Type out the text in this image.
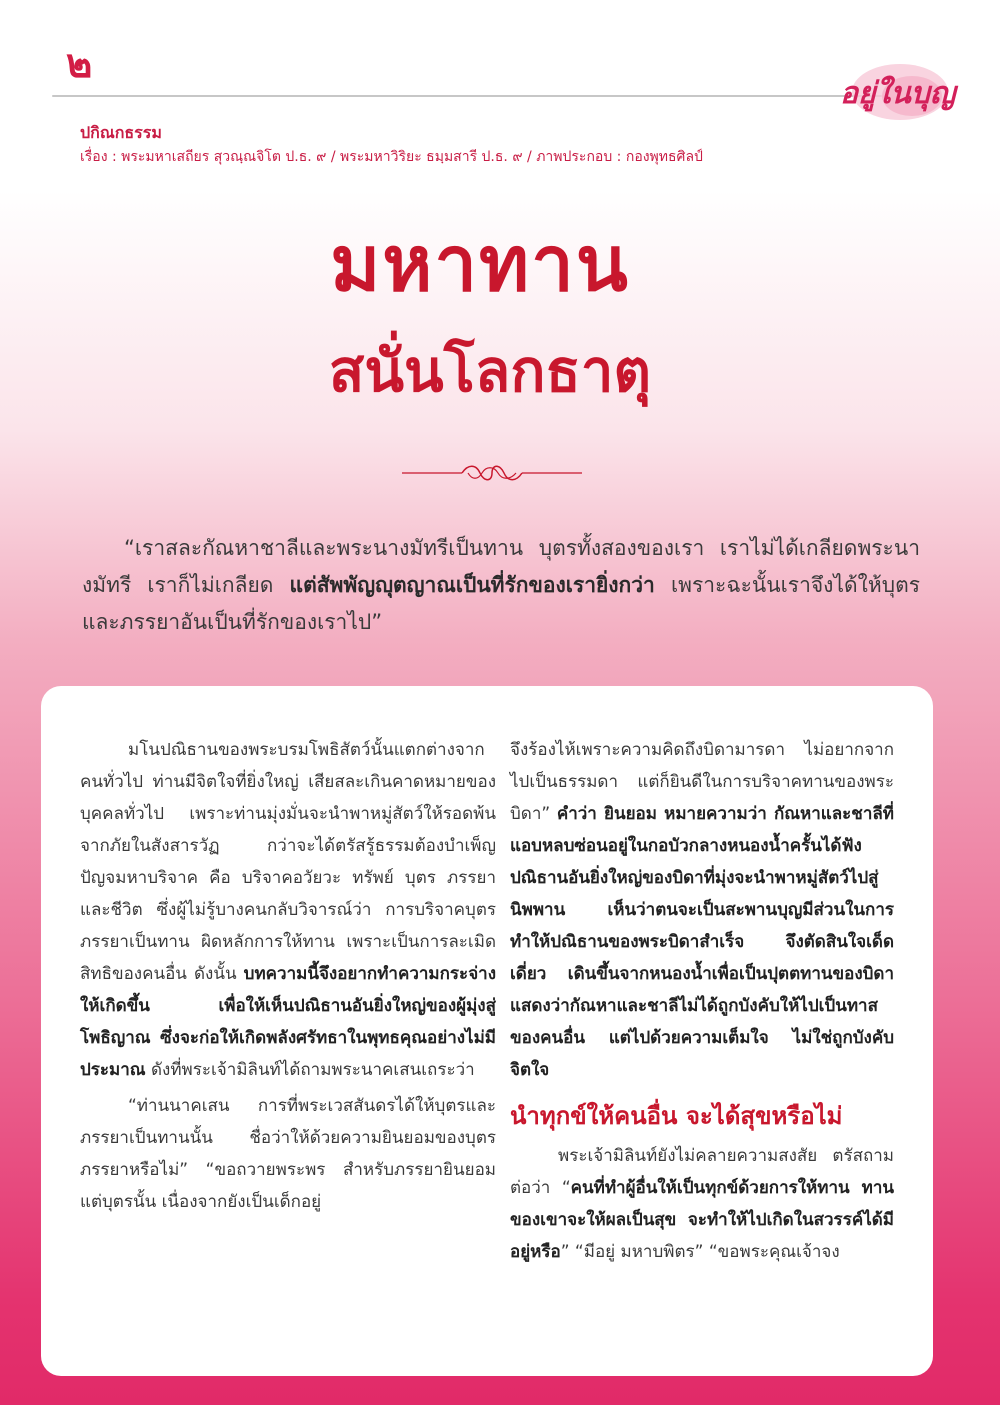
๒
อยู่ในบุญ
ปกิณกธรรม
เรื่อง : พระมหาเสถียร สุวณฺณจิโต ป.ธ. ๙ / พระมหาวิริยะ ธมฺมสารี ป.ธ. ๙ / ภาพประกอบ : กองพุทธศิลป์
มหาทาน
สนั่นโลกธาตุ
“เราสละกัณหาชาลีและพระนางมัทรีเป็นทาน บุตรทั้งสองของเรา เราไม่ได้เกลียดพระนางมัทรี เราก็ไม่เกลียด แต่สัพพัญญุตญาณเป็นที่รักของเรายิ่งกว่า เพราะฉะนั้นเราจึงได้ให้บุตรและภรรยาอันเป็นที่รักของเราไป”

มโนปณิธานของพระบรมโพธิสัตว์นั้นแตกต่างจากคนทั่วไป ท่านมีจิตใจที่ยิ่งใหญ่ เสียสละเกินคาดหมายของบุคคลทั่วไป เพราะท่านมุ่งมั่นจะนำพาหมู่สัตว์ให้รอดพ้นจากภัยในสังสารวัฏ กว่าจะได้ตรัสรู้ธรรมต้องบำเพ็ญปัญจมหาบริจาค คือ บริจาคอวัยวะ ทรัพย์ บุตร ภรรยา และชีวิต ซึ่งผู้ไม่รู้บางคนกลับวิจารณ์ว่า การบริจาคบุตรภรรยาเป็นทาน ผิดหลักการให้ทาน เพราะเป็นการละเมิดสิทธิของคนอื่น ดังนั้น บทความนี้จึงอยากทำความกระจ่างให้เกิดขึ้น เพื่อให้เห็นปณิธานอันยิ่งใหญ่ของผู้มุ่งสู่โพธิญาณ ซึ่งจะก่อให้เกิดพลังศรัทธาในพุทธคุณอย่างไม่มีประมาณ ดังที่พระเจ้ามิลินท์ได้ถามพระนาคเสนเถระว่า

“ท่านนาคเสน การที่พระเวสสันดรได้ให้บุตรและภรรยาเป็นทานนั้น ชื่อว่าให้ด้วยความยินยอมของบุตรภรรยาหรือไม่” “ขอถวายพระพร สำหรับภรรยายินยอม แต่บุตรนั้น เนื่องจากยังเป็นเด็กอยู่

จึงร้องไห้เพราะความคิดถึงบิดามารดา ไม่อยากจากไปเป็นธรรมดา แต่ก็ยินดีในการบริจาคทานของพระบิดา” คำว่า ยินยอม หมายความว่า กัณหาและชาลีที่แอบหลบซ่อนอยู่ในกอบัวกลางหนองน้ำครั้นได้ฟังปณิธานอันยิ่งใหญ่ของบิดาที่มุ่งจะนำพาหมู่สัตว์ไปสู่นิพพาน เห็นว่าตนจะเป็นสะพานบุญมีส่วนในการทำให้ปณิธานของพระบิดาสำเร็จ จึงตัดสินใจเด็ดเดี่ยว เดินขึ้นจากหนองน้ำเพื่อเป็นปุตตทานของบิดา แสดงว่ากัณหาและชาลีไม่ได้ถูกบังคับให้ไปเป็นทาสของคนอื่น แต่ไปด้วยความเต็มใจ ไม่ใช่ถูกบังคับจิตใจ

นำทุกข์ให้คนอื่น จะได้สุขหรือไม่

พระเจ้ามิลินท์ยังไม่คลายความสงสัย ตรัสถามต่อว่า “คนที่ทำผู้อื่นให้เป็นทุกข์ด้วยการให้ทาน ทานของเขาจะให้ผลเป็นสุข จะทำให้ไปเกิดในสวรรค์ได้มีอยู่หรือ” “มีอยู่ มหาบพิตร” “ขอพระคุณเจ้าจง
